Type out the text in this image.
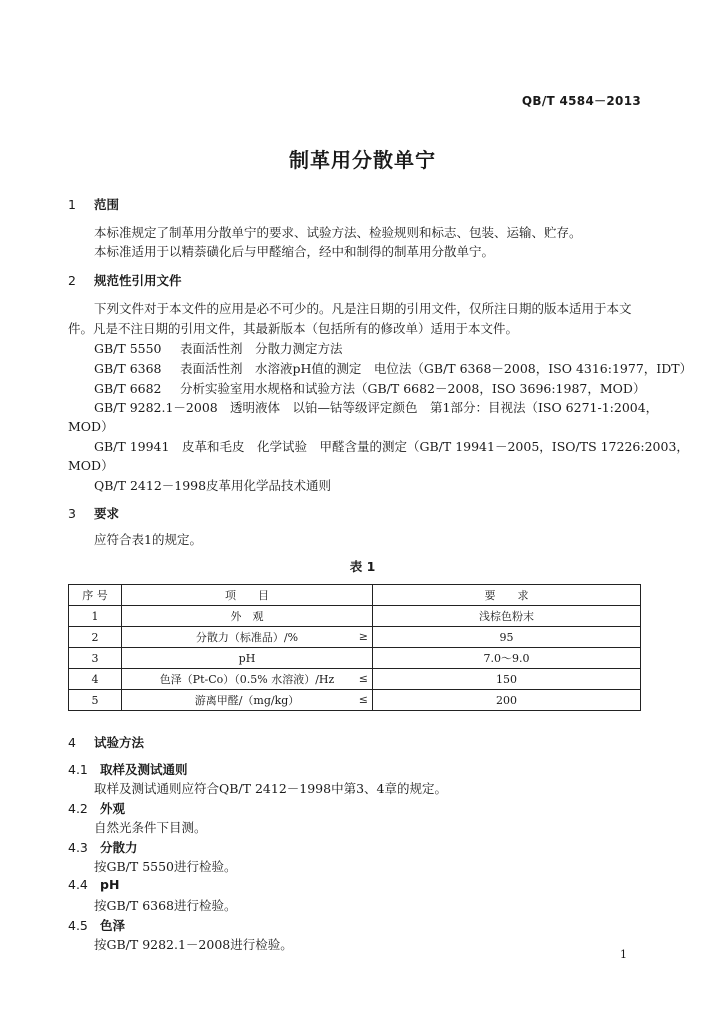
QB/T 4584－2013
制革用分散单宁
1 范围
本标准规定了制革用分散单宁的要求、试验方法、检验规则和标志、包装、运输、贮存。
本标准适用于以精萘磺化后与甲醛缩合，经中和制得的制革用分散单宁。
2 规范性引用文件
下列文件对于本文件的应用是必不可少的。凡是注日期的引用文件，仅所注日期的版本适用于本文
件。凡是不注日期的引用文件，其最新版本（包括所有的修改单）适用于本文件。
GB/T 5550 表面活性剂　分散力测定方法
GB/T 6368 表面活性剂　水溶液pH值的测定　电位法（GB/T 6368－2008，ISO 4316:1977，IDT）
GB/T 6682 分析实验室用水规格和试验方法（GB/T 6682－2008，ISO 3696:1987，MOD）
GB/T 9282.1－2008 透明液体　以铂—钴等级评定颜色　第1部分：目视法（ISO 6271-1:2004，
MOD）
GB/T 19941 皮革和毛皮　化学试验　甲醛含量的测定（GB/T 19941－2005，ISO/TS 17226:2003，
MOD）
QB/T 2412－1998皮革用化学品技术通则
3 要求
应符合表1的规定。
表 1
序 号	项　　目	要　　求
1	外　观	浅棕色粉末
2	分散力（标准品）/% ≥	95
3	pH	7.0～9.0
4	色泽（Pt-Co）（0.5% 水溶液）/Hz ≤	150
5	游离甲醛/（mg/kg） ≤	200
4 试验方法
4.1 取样及测试通则
取样及测试通则应符合QB/T 2412－1998中第3、4章的规定。
4.2 外观
自然光条件下目测。
4.3 分散力
按GB/T 5550进行检验。
4.4 pH
按GB/T 6368进行检验。
4.5 色泽
按GB/T 9282.1－2008进行检验。
1
